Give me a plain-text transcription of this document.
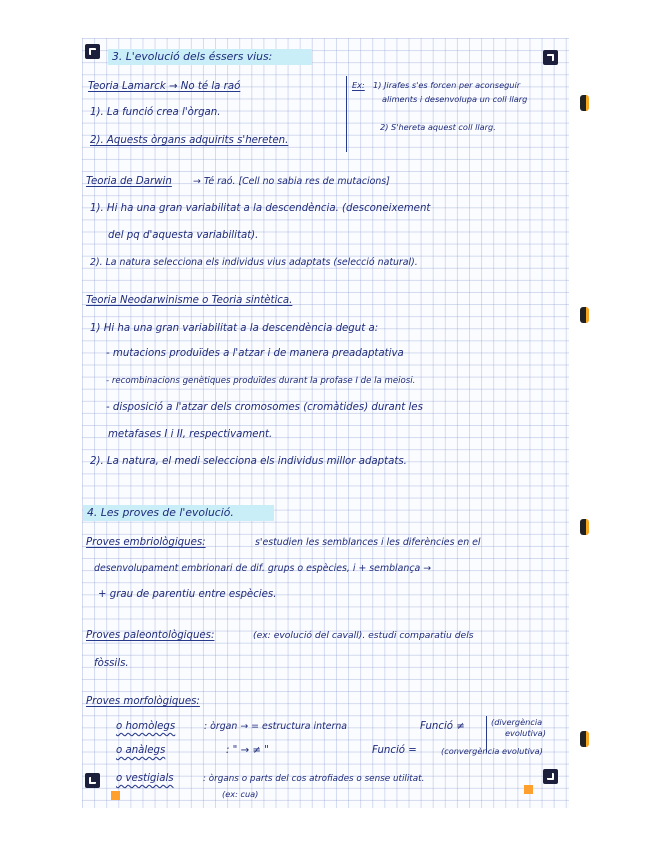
3. L'evolució dels éssers vius:
Teoria Lamarck → No té la raó
1). La funció crea l'òrgan.
2). Aquests òrgans adquirits s'hereten.
Ex: 1) Jirafes s'es forcen per aconseguir
aliments i desenvolupa un coll llarg
2) S'hereta aquest coll llarg.
Teoria de Darwin → Té raó. [Cell no sabia res de mutacions]
1). Hi ha una gran variabilitat a la descendència. (desconeixement
del pq d'aquesta variabilitat).
2). La natura selecciona els individus vius adaptats (selecció natural).
Teoria Neodarwinisme o Teoria sintètica.
1) Hi ha una gran variabilitat a la descendència degut a:
- mutacions produïdes a l'atzar i de manera preadaptativa
- recombinacions genètiques produïdes durant la profase I de la meiosi.
- disposició a l'atzar dels cromosomes (cromàtides) durant les
metafases I i II, respectivament.
2). La natura, el medi selecciona els individus millor adaptats.
4. Les proves de l'evolució.
Proves embriològiques:	s'estudien les semblances i les diferències en el
desenvolupament embrionari de dif. grups o espècies, i + semblança →
+ grau de parentiu entre espècies.
Proves paleontològiques:	(ex: evolució del cavall). estudi comparatiu dels
fòssils.
Proves morfològiques:
o homòlegs	: òrgan → = estructura interna	Funció ≠	(divergència
evolutiva)
o anàlegs	: " → ≠ "	Funció =	(convergència evolutiva)
o vestigials	: òrgans o parts del cos atrofiades o sense utilitat.
(ex: cua)
